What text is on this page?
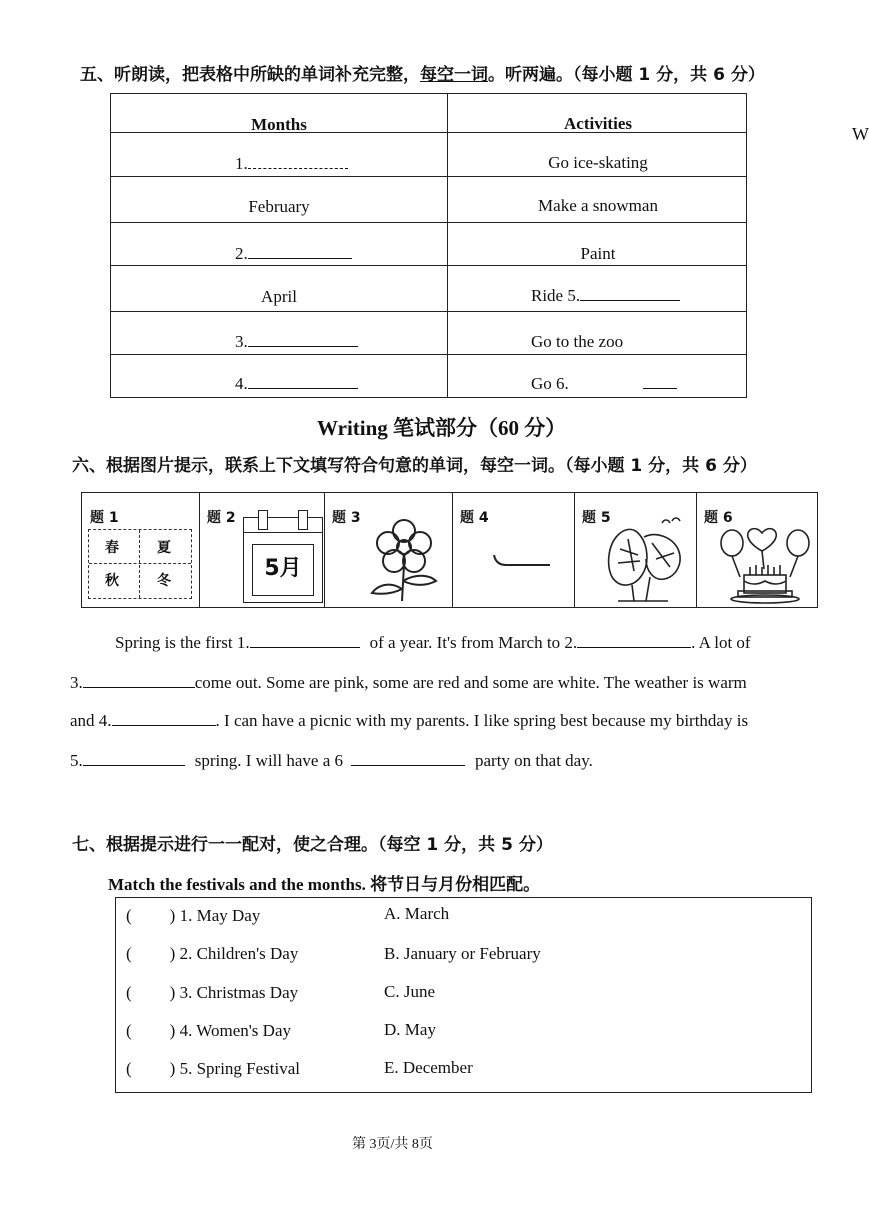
五、听朗读，把表格中所缺的单词补充完整，每空一词。听两遍。（每小题 1 分，共 6 分）
W
Months	Activities
1.	Go ice-skating
February	Make a snowman
2.	Paint
April	Ride 5.
3.	Go to the zoo
4.	Go 6.
Writing 笔试部分（60 分）
六、根据图片提示，联系上下文填写符合句意的单词，每空一词。（每小题 1 分，共 6 分）
题 1
春	夏
秋	冬
题 2
5月
题 3	题 4	题 5	题 6
Spring is the first 1.	of a year. It's from March to 2.	. A lot of
3.	come out. Some are pink, some are red and some are white. The weather is warm
and 4.	. I can have a picnic with my parents. I like spring best because my birthday is
5.	spring. I will have a 6	party on that day.
七、根据提示进行一一配对，使之合理。（每空 1 分，共 5 分）
Match the festivals and the months. 将节日与月份相匹配。
( ) 1. May Day	A. March
( ) 2. Children's Day	B. January or February
( ) 3. Christmas Day	C. June
( ) 4. Women's Day	D. May
( ) 5. Spring Festival	E. December
第 3页/共 8页
